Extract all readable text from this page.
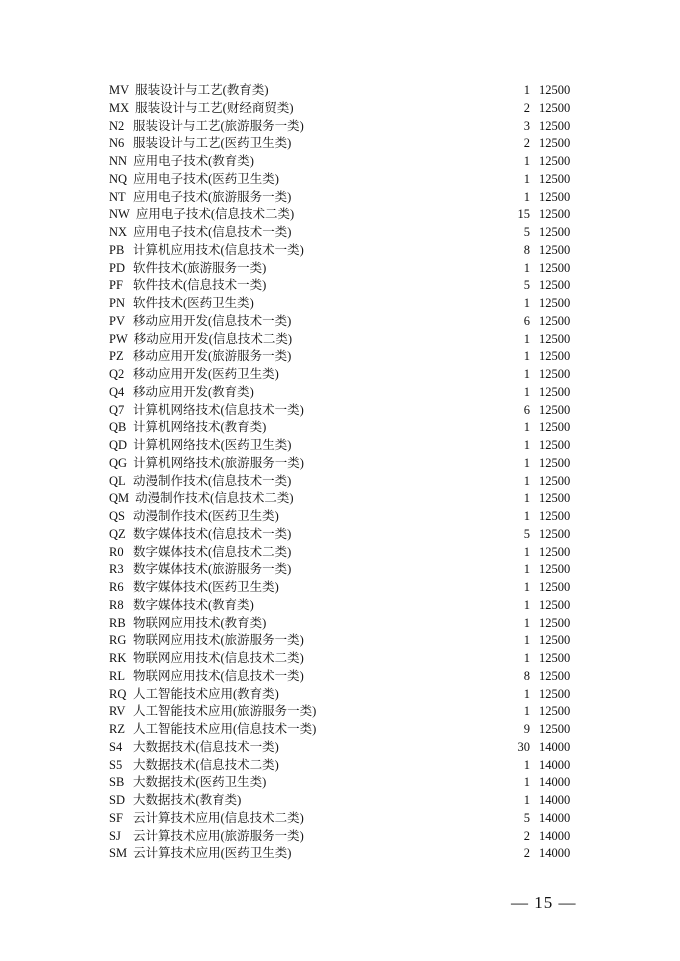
MV 服装设计与工艺(教育类)	1 12500
MX 服装设计与工艺(财经商贸类)	2 12500
N2 服装设计与工艺(旅游服务一类)	3 12500
N6 服装设计与工艺(医药卫生类)	2 12500
NN 应用电子技术(教育类)	1 12500
NQ 应用电子技术(医药卫生类)	1 12500
NT 应用电子技术(旅游服务一类)	1 12500
NW 应用电子技术(信息技术二类)	15 12500
NX 应用电子技术(信息技术一类)	5 12500
PB 计算机应用技术(信息技术一类)	8 12500
PD 软件技术(旅游服务一类)	1 12500
PF 软件技术(信息技术一类)	5 12500
PN 软件技术(医药卫生类)	1 12500
PV 移动应用开发(信息技术一类)	6 12500
PW 移动应用开发(信息技术二类)	1 12500
PZ 移动应用开发(旅游服务一类)	1 12500
Q2 移动应用开发(医药卫生类)	1 12500
Q4 移动应用开发(教育类)	1 12500
Q7 计算机网络技术(信息技术一类)	6 12500
QB 计算机网络技术(教育类)	1 12500
QD 计算机网络技术(医药卫生类)	1 12500
QG 计算机网络技术(旅游服务一类)	1 12500
QL 动漫制作技术(信息技术一类)	1 12500
QM 动漫制作技术(信息技术二类)	1 12500
QS 动漫制作技术(医药卫生类)	1 12500
QZ 数字媒体技术(信息技术一类)	5 12500
R0 数字媒体技术(信息技术二类)	1 12500
R3 数字媒体技术(旅游服务一类)	1 12500
R6 数字媒体技术(医药卫生类)	1 12500
R8 数字媒体技术(教育类)	1 12500
RB 物联网应用技术(教育类)	1 12500
RG 物联网应用技术(旅游服务一类)	1 12500
RK 物联网应用技术(信息技术二类)	1 12500
RL 物联网应用技术(信息技术一类)	8 12500
RQ 人工智能技术应用(教育类)	1 12500
RV 人工智能技术应用(旅游服务一类)	1 12500
RZ 人工智能技术应用(信息技术一类)	9 12500
S4 大数据技术(信息技术一类)	30 14000
S5 大数据技术(信息技术二类)	1 14000
SB 大数据技术(医药卫生类)	1 14000
SD 大数据技术(教育类)	1 14000
SF 云计算技术应用(信息技术二类)	5 14000
SJ 云计算技术应用(旅游服务一类)	2 14000
SM 云计算技术应用(医药卫生类)	2 14000
— 15 —
